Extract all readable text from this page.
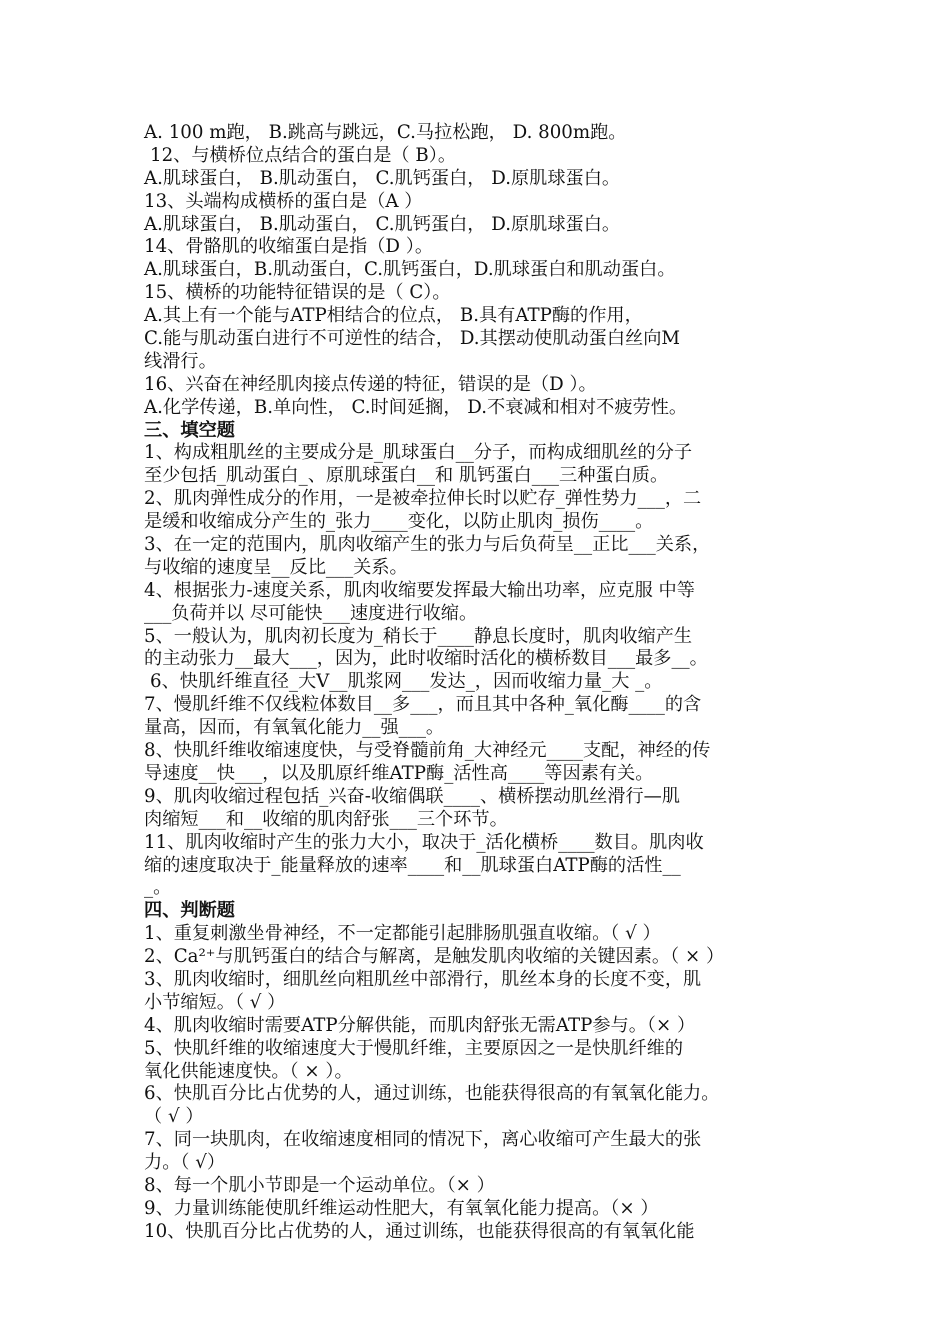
A. 100 m跑， B.跳高与跳远，C.马拉松跑， D. 800m跑。
12、与横桥位点结合的蛋白是（ B）。
A.肌球蛋白， B.肌动蛋白， C.肌钙蛋白， D.原肌球蛋白。
13、头端构成横桥的蛋白是（A ）
A.肌球蛋白， B.肌动蛋白， C.肌钙蛋白， D.原肌球蛋白。
14、骨骼肌的收缩蛋白是指（D ）。
A.肌球蛋白，B.肌动蛋白，C.肌钙蛋白，D.肌球蛋白和肌动蛋白。
15、横桥的功能特征错误的是（ C）。
A.其上有一个能与ATP相结合的位点， B.具有ATP酶的作用，
C.能与肌动蛋白进行不可逆性的结合， D.其摆动使肌动蛋白丝向M
线滑行。
16、兴奋在神经肌肉接点传递的特征，错误的是（D ）。
A.化学传递，B.单向性， C.时间延搁， D.不衰减和相对不疲劳性。
三、填空题
1、构成粗肌丝的主要成分是_肌球蛋白__分子，而构成细肌丝的分子
至少包括_肌动蛋白_、原肌球蛋白__和 肌钙蛋白___三种蛋白质。
2、肌肉弹性成分的作用，一是被牵拉伸长时以贮存_弹性势力___，二
是缓和收缩成分产生的_张力____变化，以防止肌肉_损伤____。
3、在一定的范围内，肌肉收缩产生的张力与后负荷呈__正比___关系，
与收缩的速度呈__反比___关系。
4、根据张力-速度关系，肌肉收缩要发挥最大输出功率，应克服 中等
___负荷并以 尽可能快___速度进行收缩。
5、一般认为，肌肉初长度为_稍长于____静息长度时，肌肉收缩产生
的主动张力__最大___，因为，此时收缩时活化的横桥数目___最多__。
6、快肌纤维直径_大V__肌浆网___发达_，因而收缩力量_大 _。
7、慢肌纤维不仅线粒体数目__多___，而且其中各种_氧化酶____的含
量高，因而，有氧氧化能力__强___。
8、快肌纤维收缩速度快，与受脊髓前角_大神经元____支配，神经的传
导速度__快___，以及肌原纤维ATP酶_活性高____等因素有关。
9、肌肉收缩过程包括_兴奋-收缩偶联____、横桥摆动肌丝滑行—肌
肉缩短___和__收缩的肌肉舒张___三个环节。
11、肌肉收缩时产生的张力大小，取决于_活化横桥____数目。肌肉收
缩的速度取决于_能量释放的速率____和__肌球蛋白ATP酶的活性__
_。
四、判断题
1、重复刺激坐骨神经，不一定都能引起腓肠肌强直收缩。（ √ ）
2、Ca²⁺与肌钙蛋白的结合与解离，是触发肌肉收缩的关键因素。（ × ）
3、肌肉收缩时，细肌丝向粗肌丝中部滑行，肌丝本身的长度不变，肌
小节缩短。（ √ ）
4、肌肉收缩时需要ATP分解供能，而肌肉舒张无需ATP参与。（× ）
5、快肌纤维的收缩速度大于慢肌纤维，主要原因之一是快肌纤维的
氧化供能速度快。（ × ）。
6、快肌百分比占优势的人，通过训练，也能获得很高的有氧氧化能力。
（ √ ）
7、同一块肌肉，在收缩速度相同的情况下，离心收缩可产生最大的张
力。（ √）
8、每一个肌小节即是一个运动单位。（× ）
9、力量训练能使肌纤维运动性肥大，有氧氧化能力提高。（× ）
10、快肌百分比占优势的人，通过训练，也能获得很高的有氧氧化能
